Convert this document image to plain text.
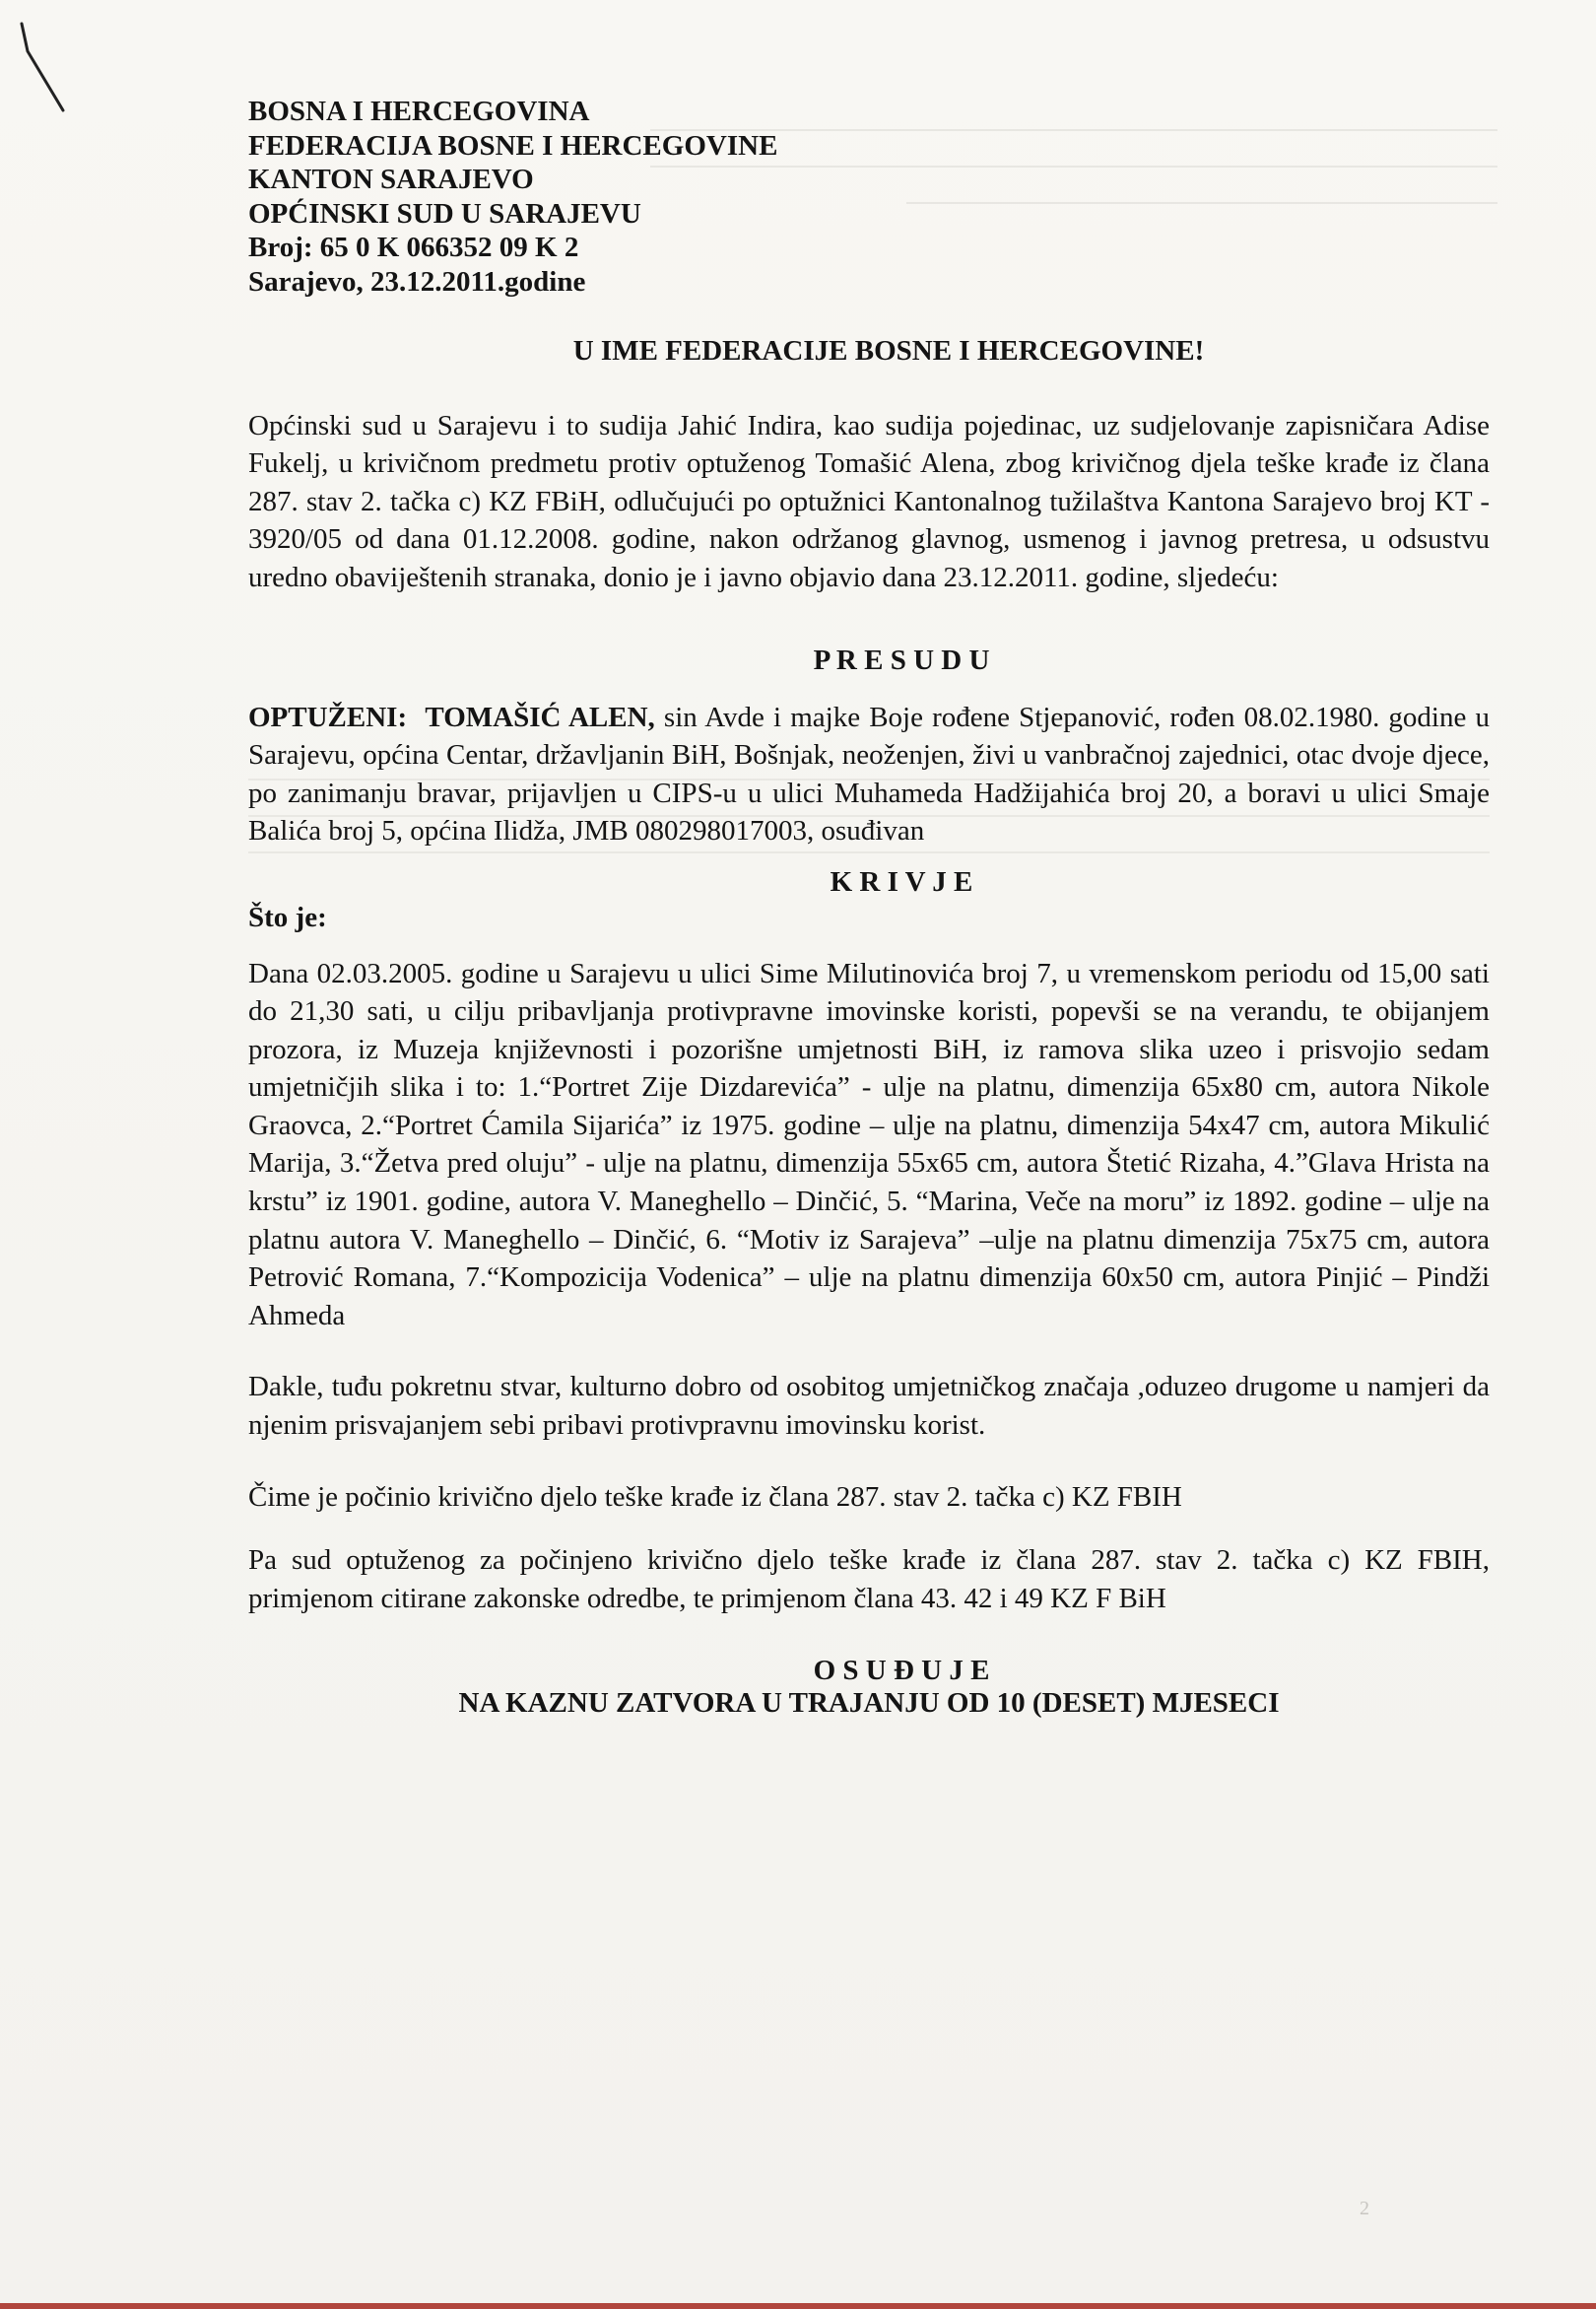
BOSNA I HERCEGOVINA

FEDERACIJA BOSNE I HERCEGOVINE

KANTON SARAJEVO

OPĆINSKI SUD U SARAJEVU

Broj: 65 0 K 066352 09 K 2

Sarajevo, 23.12.2011.godine

U IME FEDERACIJE BOSNE I HERCEGOVINE!

Općinski sud u Sarajevu i to sudija Jahić Indira, kao sudija pojedinac, uz sudjelovanje zapisničara Adise Fukelj, u krivičnom predmetu protiv optuženog Tomašić Alena, zbog krivičnog djela teške krađe iz člana 287. stav 2. tačka c) KZ FBiH, odlučujući po optužnici Kantonalnog tužilaštva Kantona Sarajevo broj KT - 3920/05 od dana 01.12.2008. godine, nakon održanog glavnog, usmenog i javnog pretresa, u odsustvu uredno obaviještenih stranaka, donio je i javno objavio dana 23.12.2011. godine, sljedeću:

P R E S U D U

OPTUŽENI: TOMAŠIĆ ALEN, sin Avde i majke Boje rođene Stjepanović, rođen 08.02.1980. godine u Sarajevu, općina Centar, državljanin BiH, Bošnjak, neoženjen, živi u vanbračnoj zajednici, otac dvoje djece, po zanimanju bravar, prijavljen u CIPS-u u ulici Muhameda Hadžijahića broj 20, a boravi u ulici Smaje Balića broj 5, općina Ilidža, JMB 080298017003, osuđivan

K R I V J E

Što je:

Dana 02.03.2005. godine u Sarajevu u ulici Sime Milutinovića broj 7, u vremenskom periodu od 15,00 sati do 21,30 sati, u cilju pribavljanja protivpravne imovinske koristi, popevši se na verandu, te obijanjem prozora, iz Muzeja književnosti i pozorišne umjetnosti BiH, iz ramova slika uzeo i prisvojio sedam umjetničjih slika i to: 1.“Portret Zije Dizdarevića” - ulje na platnu, dimenzija 65x80 cm, autora Nikole Graovca, 2.“Portret Ćamila Sijarića” iz 1975. godine – ulje na platnu, dimenzija 54x47 cm, autora Mikulić Marija, 3.“Žetva pred oluju” - ulje na platnu, dimenzija 55x65 cm, autora Štetić Rizaha, 4.”Glava Hrista na krstu” iz 1901. godine, autora V. Maneghello – Dinčić, 5. “Marina, Veče na moru” iz 1892. godine – ulje na platnu autora V. Maneghello – Dinčić, 6. “Motiv iz Sarajeva” –ulje na platnu dimenzija 75x75 cm, autora Petrović Romana, 7.“Kompozicija Vodenica” – ulje na platnu dimenzija 60x50 cm, autora Pinjić – Pindži Ahmeda

Dakle, tuđu pokretnu stvar, kulturno dobro od osobitog umjetničkog značaja ,oduzeo drugome u namjeri da njenim prisvajanjem sebi pribavi protivpravnu imovinsku korist.

Čime je počinio krivično djelo teške krađe iz člana 287. stav 2. tačka c) KZ FBIH

Pa sud optuženog za počinjeno krivično djelo teške krađe iz člana 287. stav 2. tačka c) KZ FBIH, primjenom citirane zakonske odredbe, te primjenom člana 43. 42 i 49 KZ F BiH

O S U Đ U J E

NA KAZNU ZATVORA U TRAJANJU OD 10 (DESET) MJESECI

2
